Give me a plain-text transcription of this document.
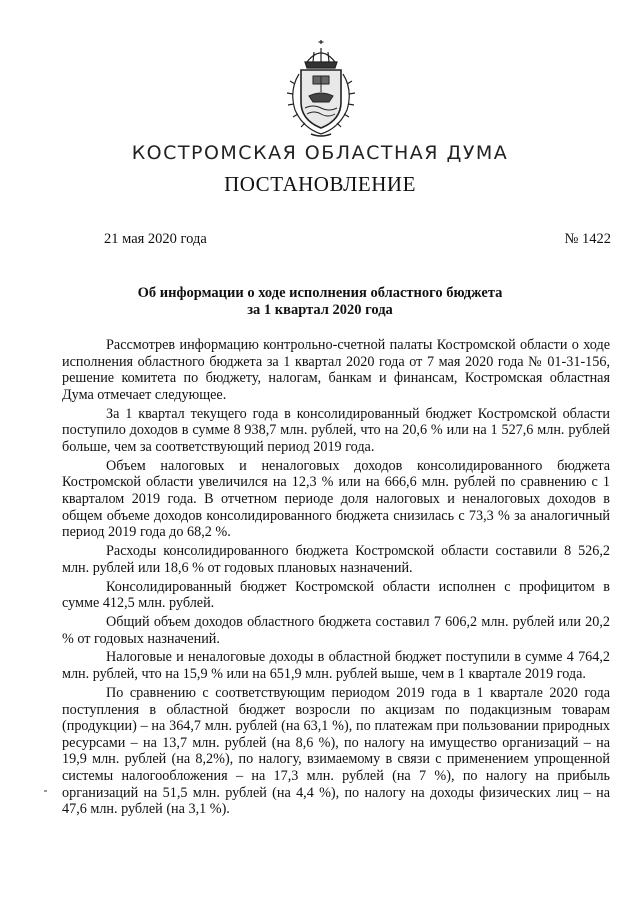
КОСТРОМСКАЯ ОБЛАСТНАЯ ДУМА
ПОСТАНОВЛЕНИЕ
21 мая 2020 года	№ 1422
Об информации о ходе исполнения областного бюджета
за 1 квартал 2020 года

Рассмотрев информацию контрольно-счетной палаты Костромской области о ходе исполнения областного бюджета за 1 квартал 2020 года от 7 мая 2020 года № 01-31-156, решение комитета по бюджету, налогам, банкам и финансам, Костромская областная Дума отмечает следующее.

За 1 квартал текущего года в консолидированный бюджет Костромской области поступило доходов в сумме 8 938,7 млн. рублей, что на 20,6 % или на 1 527,6 млн. рублей больше, чем за соответствующий период 2019 года.

Объем налоговых и неналоговых доходов консолидированного бюджета Костромской области увеличился на 12,3 % или на 666,6 млн. рублей по сравнению с 1 кварталом 2019 года. В отчетном периоде доля налоговых и неналоговых доходов в общем объеме доходов консолидированного бюджета снизилась с 73,3 % за аналогичный период 2019 года до 68,2 %.

Расходы консолидированного бюджета Костромской области составили 8 526,2 млн. рублей или 18,6 % от годовых плановых назначений.

Консолидированный бюджет Костромской области исполнен с профицитом в сумме 412,5 млн. рублей.

Общий объем доходов областного бюджета составил 7 606,2 млн. рублей или 20,2 % от годовых назначений.

Налоговые и неналоговые доходы в областной бюджет поступили в сумме 4 764,2 млн. рублей, что на 15,9 % или на 651,9 млн. рублей выше, чем в 1 квартале 2019 года.

По сравнению с соответствующим периодом 2019 года в 1 квартале 2020 года поступления в областной бюджет возросли по акцизам по подакцизным товарам (продукции) – на 364,7 млн. рублей (на 63,1 %), по платежам при пользовании природных ресурсами – на 13,7 млн. рублей (на 8,6 %), по налогу на имущество организаций – на 19,9 млн. рублей (на 8,2%), по налогу, взимаемому в связи с применением упрощенной системы налогообложения – на 17,3 млн. рублей (на 7 %), по налогу на прибыль организаций на 51,5 млн. рублей (на 4,4 %), по налогу на доходы физических лиц – на 47,6 млн. рублей (на 3,1 %).
